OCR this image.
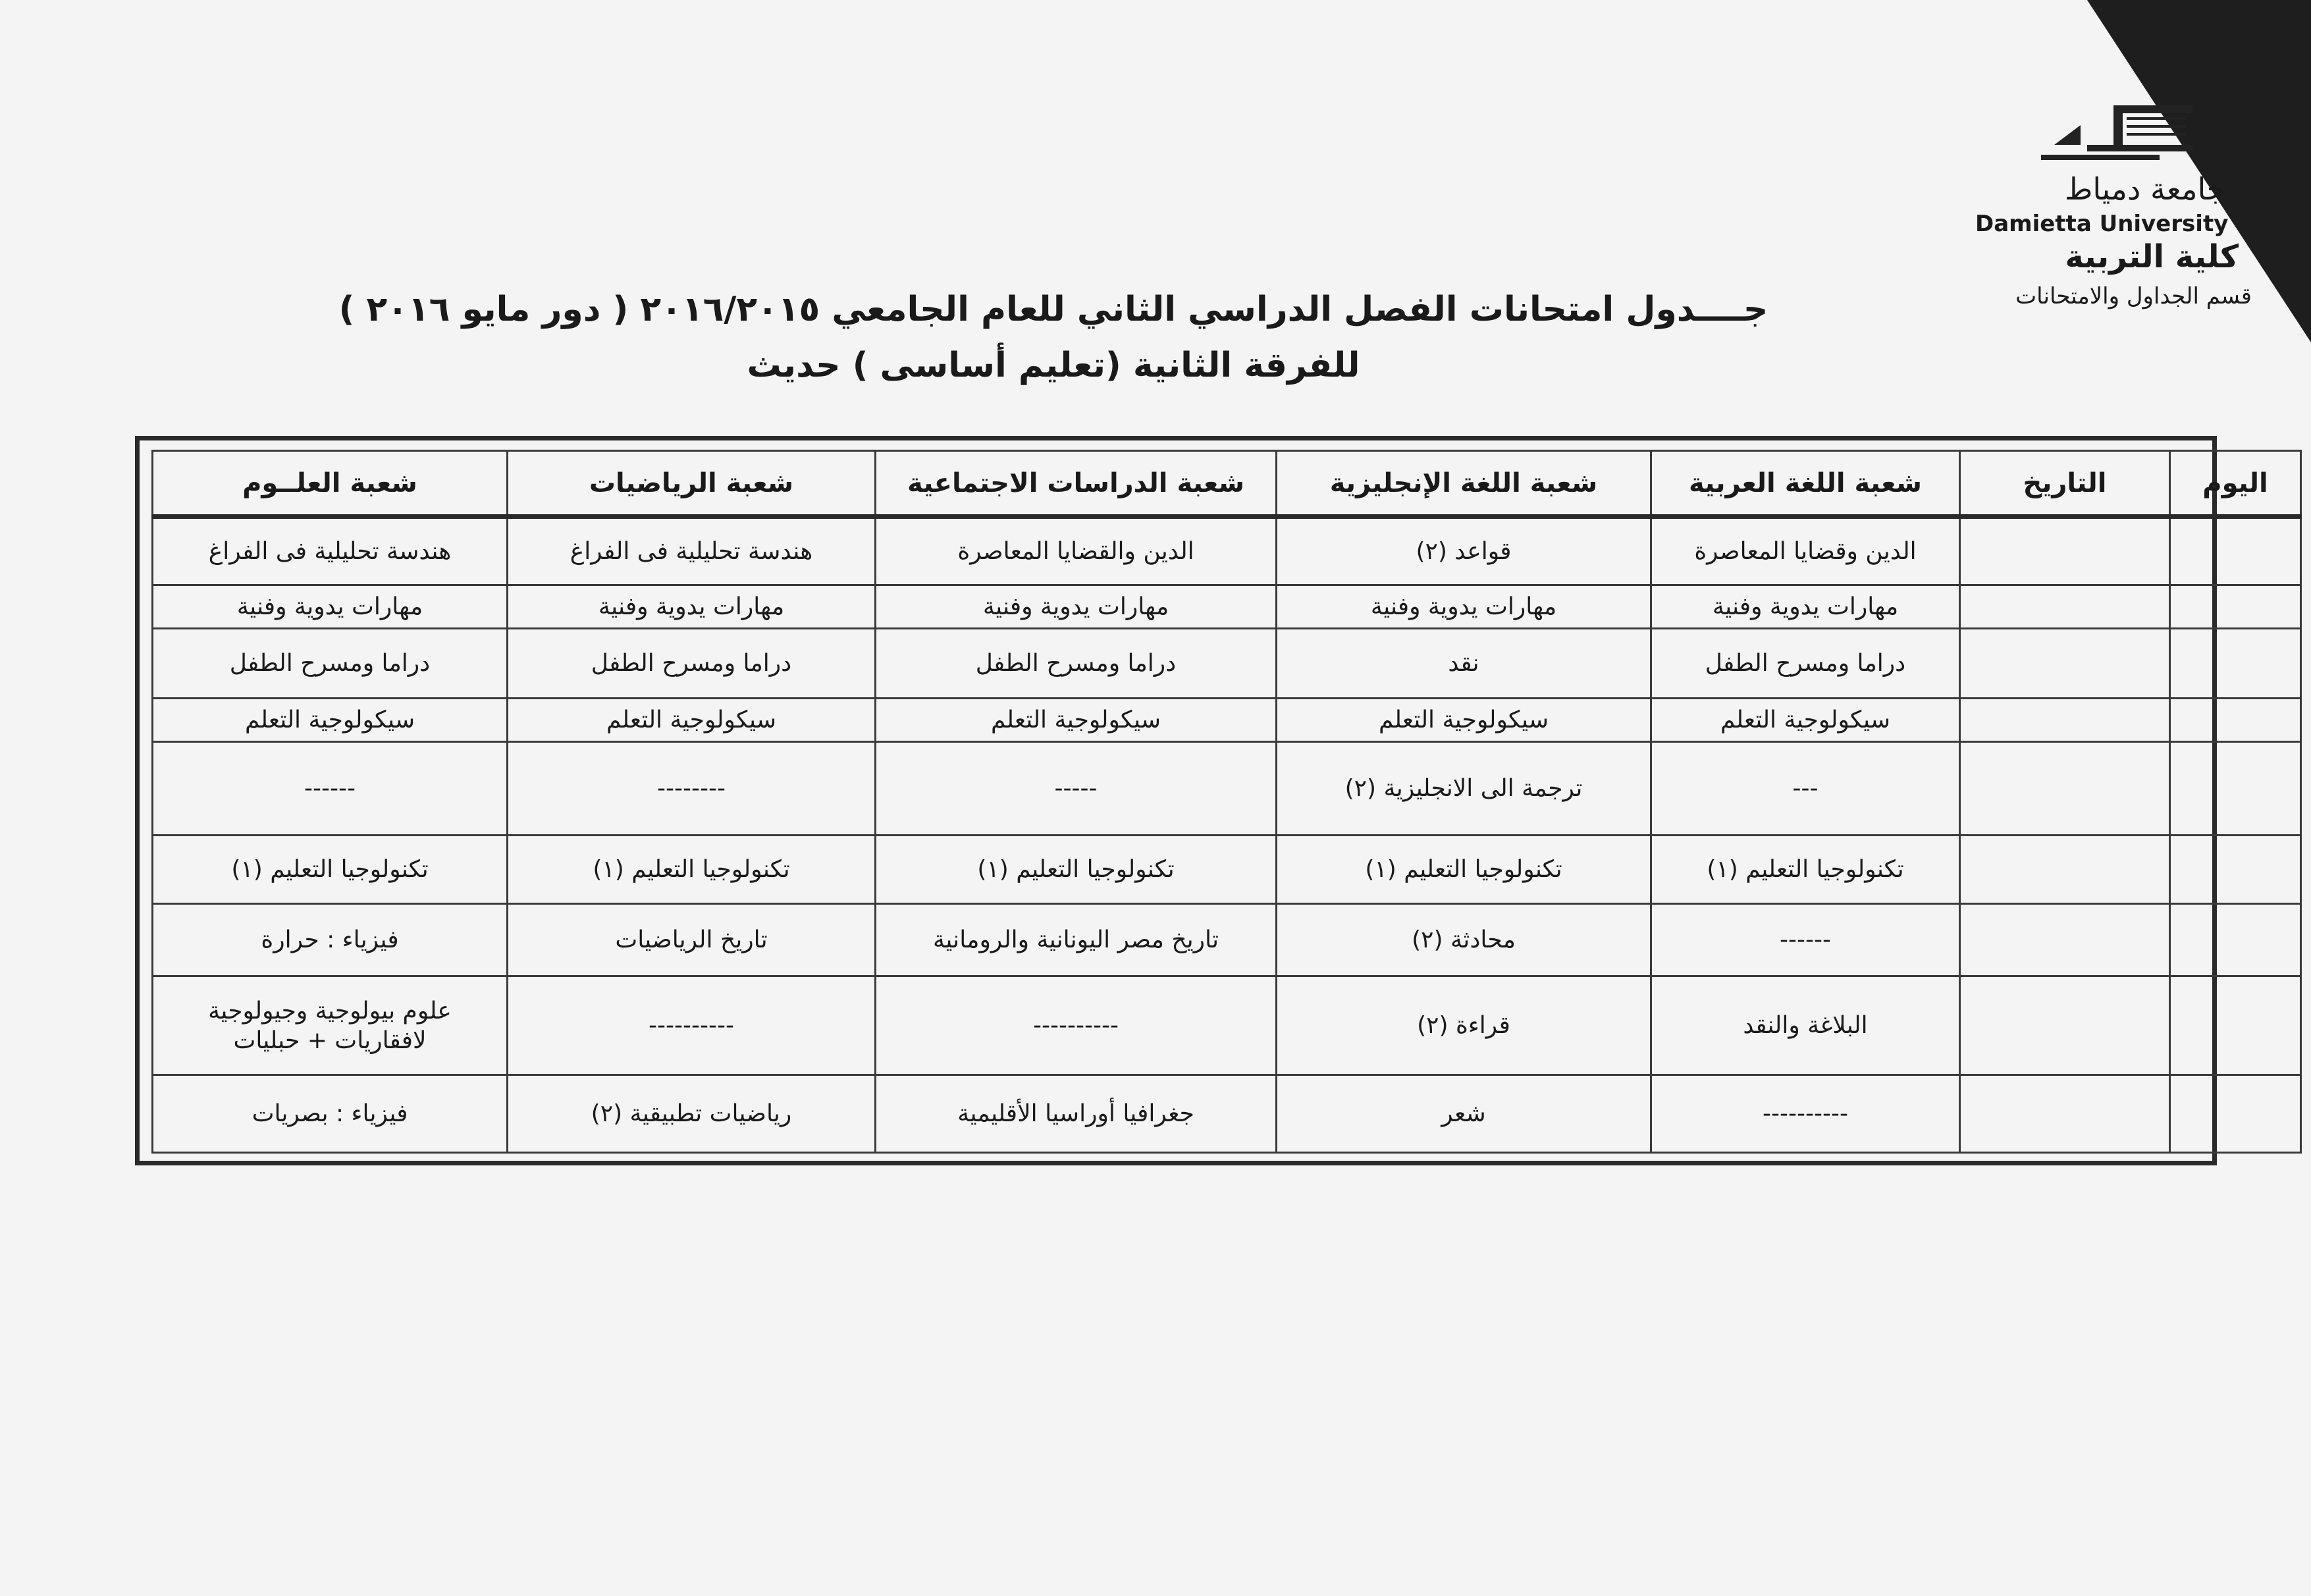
جامعة دمياط
Damietta University
كلية التربية
قسم الجداول والامتحانات
جــــدول امتحانات الفصل الدراسي الثاني للعام الجامعي ٢٠١٦/٢٠١٥ ( دور مايو ٢٠١٦ )
للفرقة الثانية (تعليم أساسى ) حديث
اليوم	التاريخ	شعبة اللغة العربية	شعبة اللغة الإنجليزية	شعبة الدراسات الاجتماعية	شعبة الرياضيات	شعبة العلــوم
		الدين وقضايا المعاصرة	قواعد (٢)	الدين والقضايا المعاصرة	هندسة تحليلية فى الفراغ	هندسة تحليلية فى الفراغ
		مهارات يدوية وفنية	مهارات يدوية وفنية	مهارات يدوية وفنية	مهارات يدوية وفنية	مهارات يدوية وفنية
		دراما ومسرح الطفل	نقد	دراما ومسرح الطفل	دراما ومسرح الطفل	دراما ومسرح الطفل
		سيكولوجية التعلم	سيكولوجية التعلم	سيكولوجية التعلم	سيكولوجية التعلم	سيكولوجية التعلم
		---	ترجمة الى الانجليزية (٢)	-----	--------	------
		تكنولوجيا التعليم (١)	تكنولوجيا التعليم (١)	تكنولوجيا التعليم (١)	تكنولوجيا التعليم (١)	تكنولوجيا التعليم (١)
		------	محادثة (٢)	تاريخ مصر اليونانية والرومانية	تاريخ الرياضيات	فيزياء : حرارة
		البلاغة والنقد	قراءة (٢)	----------	----------	علوم بيولوجية وجيولوجية لافقاريات + حبليات
		----------	شعر	جغرافيا أوراسيا الأقليمية	رياضيات تطبيقية (٢)	فيزياء : بصريات
